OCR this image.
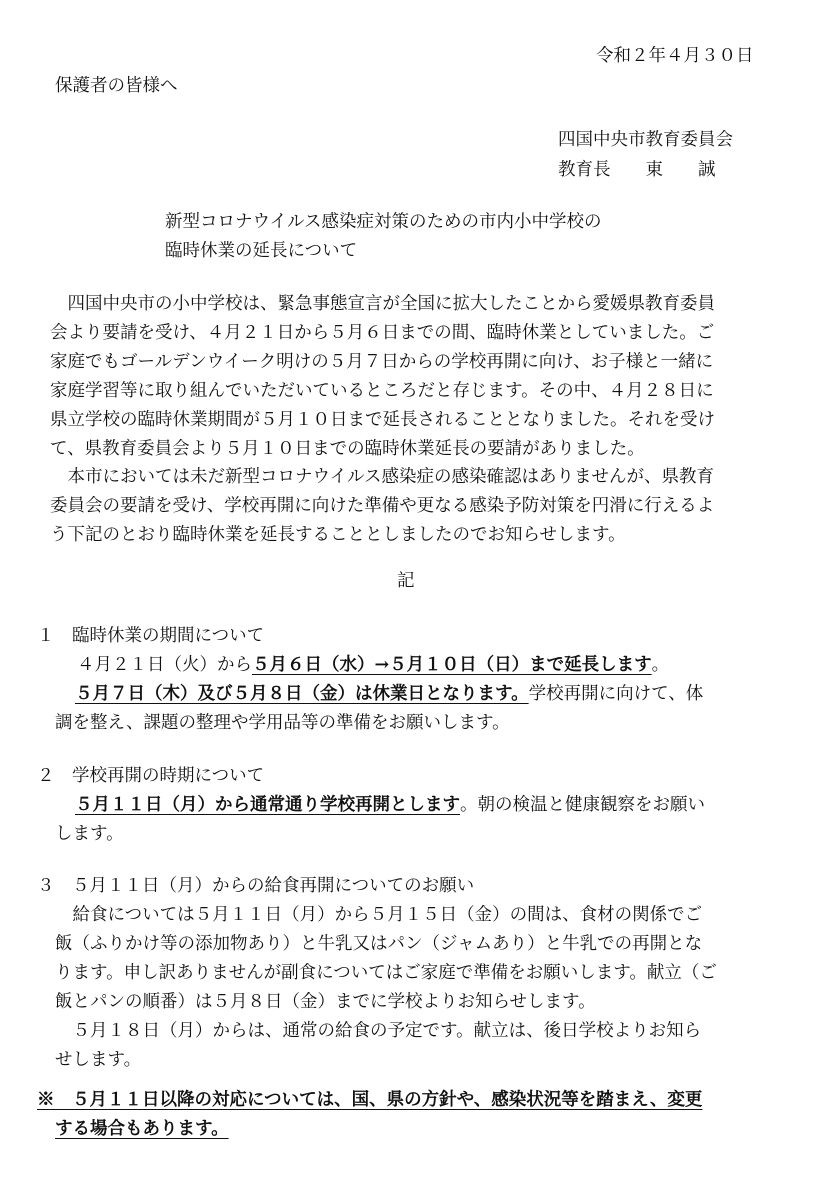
令和２年４月３０日
保護者の皆様へ
四国中央市教育委員会
教育長　　東　　誠
新型コロナウイルス感染症対策のための市内小中学校の
臨時休業の延長について
　四国中央市の小中学校は、緊急事態宣言が全国に拡大したことから愛媛県教育委員
会より要請を受け、４月２１日から５月６日までの間、臨時休業としていました。ご
家庭でもゴールデンウイーク明けの５月７日からの学校再開に向け、お子様と一緒に
家庭学習等に取り組んでいただいているところだと存じます。その中、４月２８日に
県立学校の臨時休業期間が５月１０日まで延長されることとなりました。それを受け
て、県教育委員会より５月１０日までの臨時休業延長の要請がありました。
　本市においては未だ新型コロナウイルス感染症の感染確認はありませんが、県教育
委員会の要請を受け、学校再開に向けた準備や更なる感染予防対策を円滑に行えるよ
う下記のとおり臨時休業を延長することとしましたのでお知らせします。
記
１　臨時休業の期間について
４月２１日（火）から５月６日（水）→５月１０日（日）まで延長します。
５月７日（木）及び５月８日（金）は休業日となります。学校再開に向けて、体
調を整え、課題の整理や学用品等の準備をお願いします。
２　学校再開の時期について
５月１１日（月）から通常通り学校再開とします。朝の検温と健康観察をお願い
します。
３　５月１１日（月）からの給食再開についてのお願い
　給食については５月１１日（月）から５月１５日（金）の間は、食材の関係でご
飯（ふりかけ等の添加物あり）と牛乳又はパン（ジャムあり）と牛乳での再開とな
ります。申し訳ありませんが副食についてはご家庭で準備をお願いします。献立（ご
飯とパンの順番）は５月８日（金）までに学校よりお知らせします。
　５月１８日（月）からは、通常の給食の予定です。献立は、後日学校よりお知ら
せします。
※　５月１１日以降の対応については、国、県の方針や、感染状況等を踏まえ、変更
する場合もあります。
